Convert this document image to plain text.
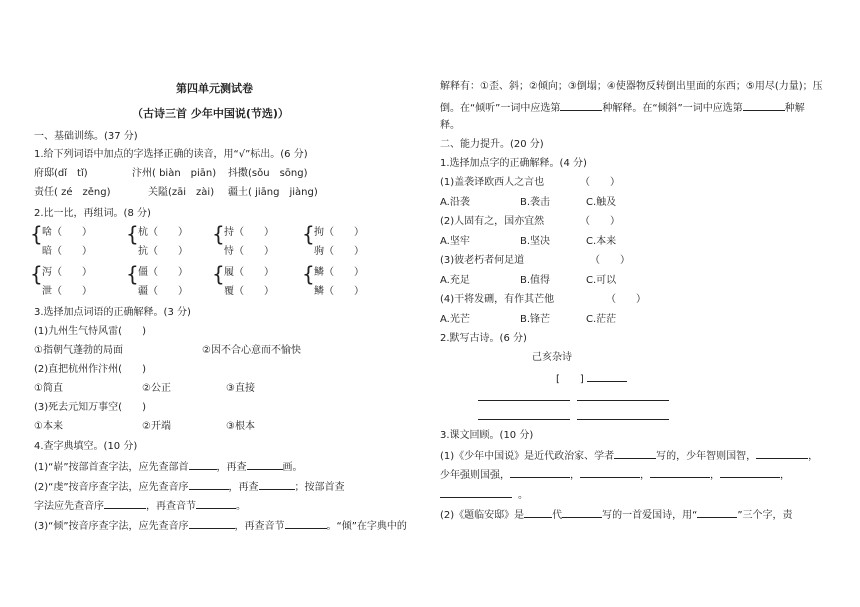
第四单元测试卷
（古诗三首 少年中国说(节选)）
一、基础训练。(37 分)
1.给下列词语中加点的字选择正确的读音，用“√”标出。(6 分)
府邸(dǐ　tǐ)	汴州( biàn　piān) 抖擞(sǒu　sōng)
责任( zé　zěng)	关隘(zāi　zài) 疆土( jiāng　jiàng)
2.比一比，再组词。(8 分)
{ 啥（　　）
暗（　　）
{ 杭（　　）
抗（　　）
{ 持（　　）
恃（　　）
{ 拘（　　）
驹（　　）
{ 泻（　　）
泄（　　）
{ 僵（　　）
疆（　　）
{ 履（　　）
覆（　　）
{ 鳞（　　）
鳞（　　）
3.选择加点词语的正确解释。(3 分)
(1)九州生气恃风雷(　　)
①指朝气蓬勃的局面	②因不合心意而不愉快
(2)直把杭州作汴州(　　)
①简直	②公正	③直接
(3)死去元知万事空(　　)
①本来	②开端	③根本
4.查字典填空。(10 分)
(1)“崭”按部首查字法，应先查部首	，再查	画。
(2)“虔”按音序查字法，应先查音序	，再查	；按部首查
字法应先查音序	，再查音节	。
(3)“倾”按音序查字法，应先查音序	，再查音节	。“倾”在字典中的
解释有：①歪、斜；②倾向；③倒塌；④使器物反转倒出里面的东西；⑤用尽(力量)；压
倒。在“倾听”一词中应选第	种解释。在“倾斜”一词中应选第	种解
释。
二、能力提升。(20 分)
1.选择加点字的正确解释。(4 分)
(1)盖袭译欧西人之言也	（　　）
A.沿袭	B.袭击	C.触及
(2)人固有之，国亦宜然	（　　）
A.坚牢	B.坚决	C.本来
(3)彼老朽者何足道	（　　）
A.充足	B.值得	C.可以
(4)干将发硎，有作其芒他	（　　）
A.光芒	B.锋芒	C.茫茫
2.默写古诗。(6 分)
己亥杂诗
[　　]

3.课文回顾。(10 分)
(1)《少年中国说》是近代政治家、学者	写的，少年智则国智，	，
少年强则国强，	，	，	，	，
。
(2)《题临安邸》是	代	写的一首爱国诗，用“	”三个字，责
